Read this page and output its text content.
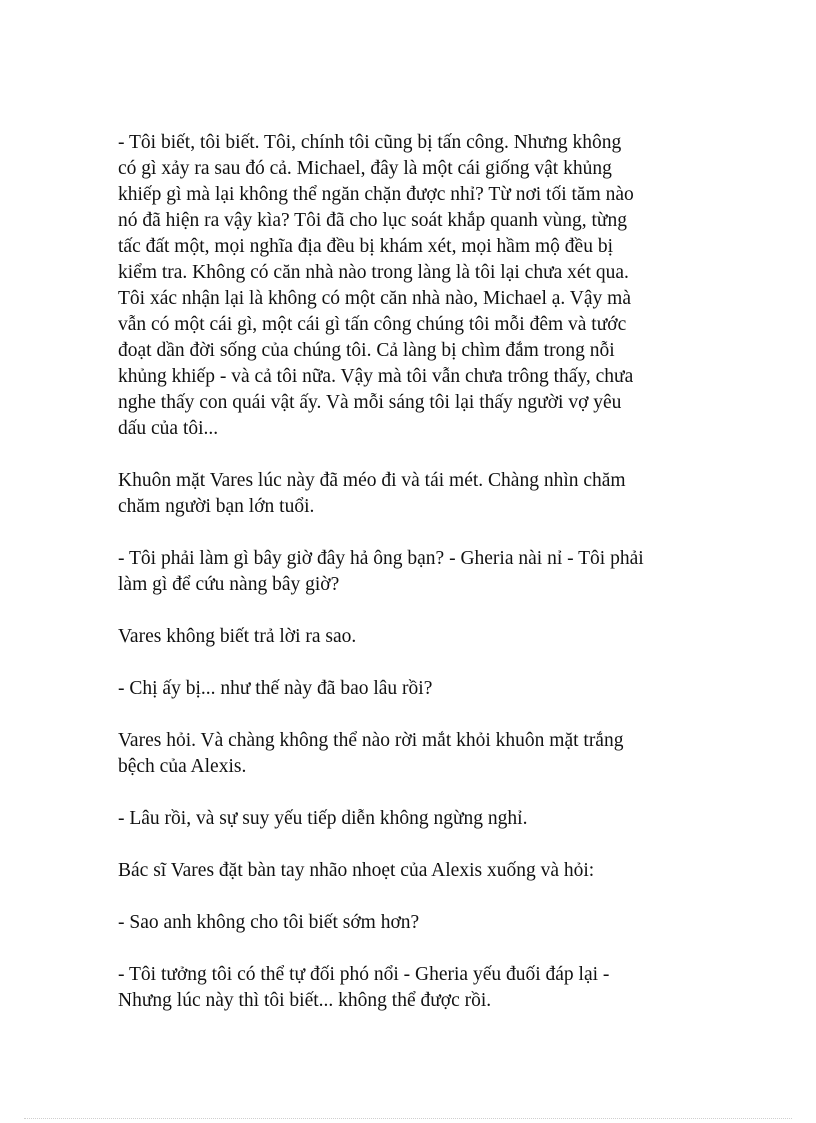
- Tôi biết, tôi biết. Tôi, chính tôi cũng bị tấn công. Nhưng không
có gì xảy ra sau đó cả. Michael, đây là một cái giống vật khủng
khiếp gì mà lại không thể ngăn chặn được nhỉ? Từ nơi tối tăm nào
nó đã hiện ra vậy kìa? Tôi đã cho lục soát khắp quanh vùng, từng
tấc đất một, mọi nghĩa địa đều bị khám xét, mọi hầm mộ đều bị
kiểm tra. Không có căn nhà nào trong làng là tôi lại chưa xét qua.
Tôi xác nhận lại là không có một căn nhà nào, Michael ạ. Vậy mà
vẫn có một cái gì, một cái gì tấn công chúng tôi mỗi đêm và tước
đoạt dần đời sống của chúng tôi. Cả làng bị chìm đắm trong nỗi
khủng khiếp - và cả tôi nữa. Vậy mà tôi vẫn chưa trông thấy, chưa
nghe thấy con quái vật ấy. Và mỗi sáng tôi lại thấy người vợ yêu
dấu của tôi...

Khuôn mặt Vares lúc này đã méo đi và tái mét. Chàng nhìn chăm
chăm người bạn lớn tuổi.

- Tôi phải làm gì bây giờ đây hả ông bạn? - Gheria nài nỉ - Tôi phải
làm gì để cứu nàng bây giờ?

Vares không biết trả lời ra sao.

- Chị ấy bị... như thế này đã bao lâu rồi?

Vares hỏi. Và chàng không thể nào rời mắt khỏi khuôn mặt trắng
bệch của Alexis.

- Lâu rồi, và sự suy yếu tiếp diễn không ngừng nghỉ.

Bác sĩ Vares đặt bàn tay nhão nhoẹt của Alexis xuống và hỏi:

- Sao anh không cho tôi biết sớm hơn?

- Tôi tưởng tôi có thể tự đối phó nổi - Gheria yếu đuối đáp lại -
Nhưng lúc này thì tôi biết... không thể được rồi.
